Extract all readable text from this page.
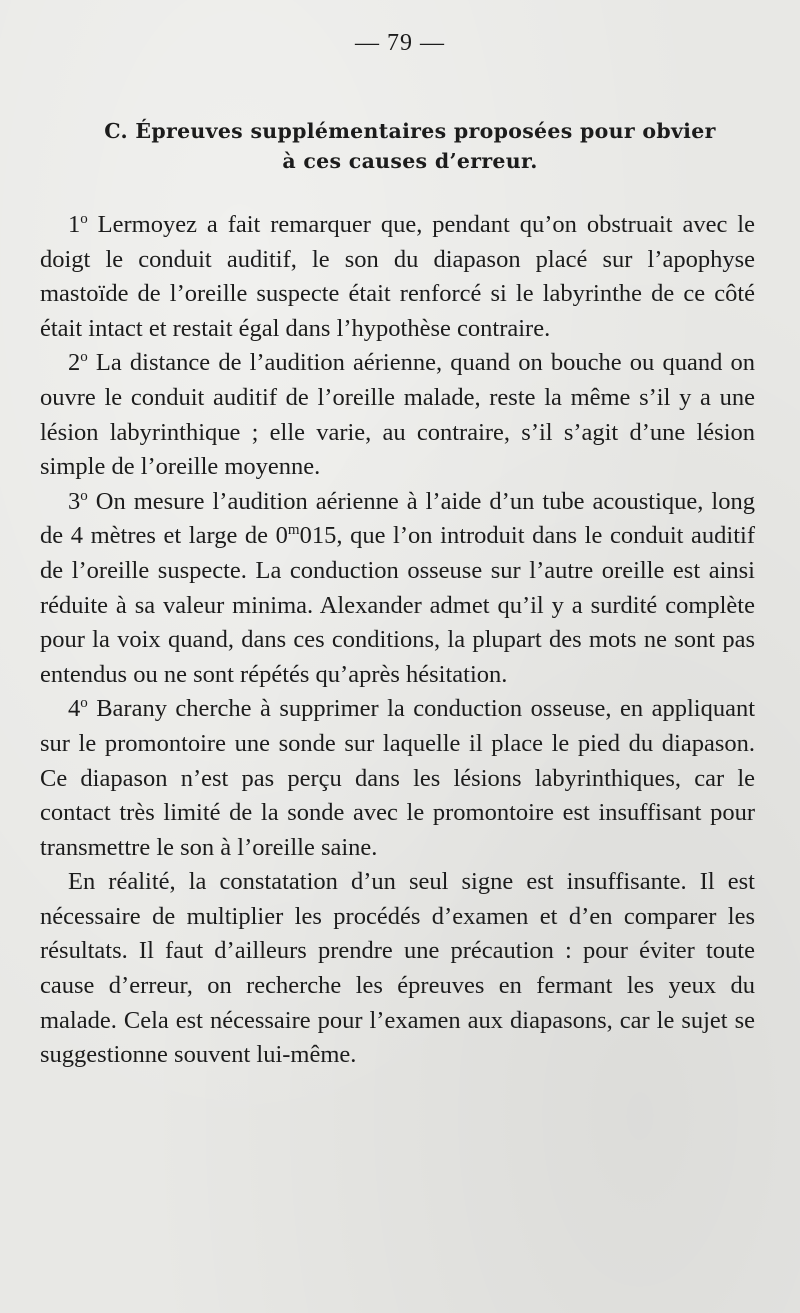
— 79 —
C. Épreuves supplémentaires proposées pour obvier
à ces causes d’erreur.

1$^o$ Lermoyez a fait remarquer que, pendant qu’on obstruait avec le doigt le conduit auditif, le son du diapason placé sur l’apophyse mastoïde de l’oreille suspecte était renforcé si le labyrinthe de ce côté était intact et restait égal dans l’hypothèse contraire.

2$^o$ La distance de l’audition aérienne, quand on bouche ou quand on ouvre le conduit auditif de l’oreille malade, reste la même s’il y a une lésion labyrinthique ; elle varie, au contraire, s’il s’agit d’une lésion simple de l’oreille moyenne.

3$^o$ On mesure l’audition aérienne à l’aide d’un tube acoustique, long de 4 mètres et large de 0$^m$015, que l’on introduit dans le conduit auditif de l’oreille suspecte. La conduction osseuse sur l’autre oreille est ainsi réduite à sa valeur minima. Alexander admet qu’il y a surdité complète pour la voix quand, dans ces conditions, la plupart des mots ne sont pas entendus ou ne sont répétés qu’après hésitation.

4$^o$ Barany cherche à supprimer la conduction osseuse, en appliquant sur le promontoire une sonde sur laquelle il place le pied du diapason. Ce diapason n’est pas perçu dans les lésions labyrinthiques, car le contact très limité de la sonde avec le promontoire est insuffisant pour transmettre le son à l’oreille saine.

En réalité, la constatation d’un seul signe est insuffisante. Il est nécessaire de multiplier les procédés d’examen et d’en comparer les résultats. Il faut d’ailleurs prendre une précaution : pour éviter toute cause d’erreur, on recherche les épreuves en fermant les yeux du malade. Cela est nécessaire pour l’examen aux diapasons, car le sujet se suggestionne souvent lui-même.
